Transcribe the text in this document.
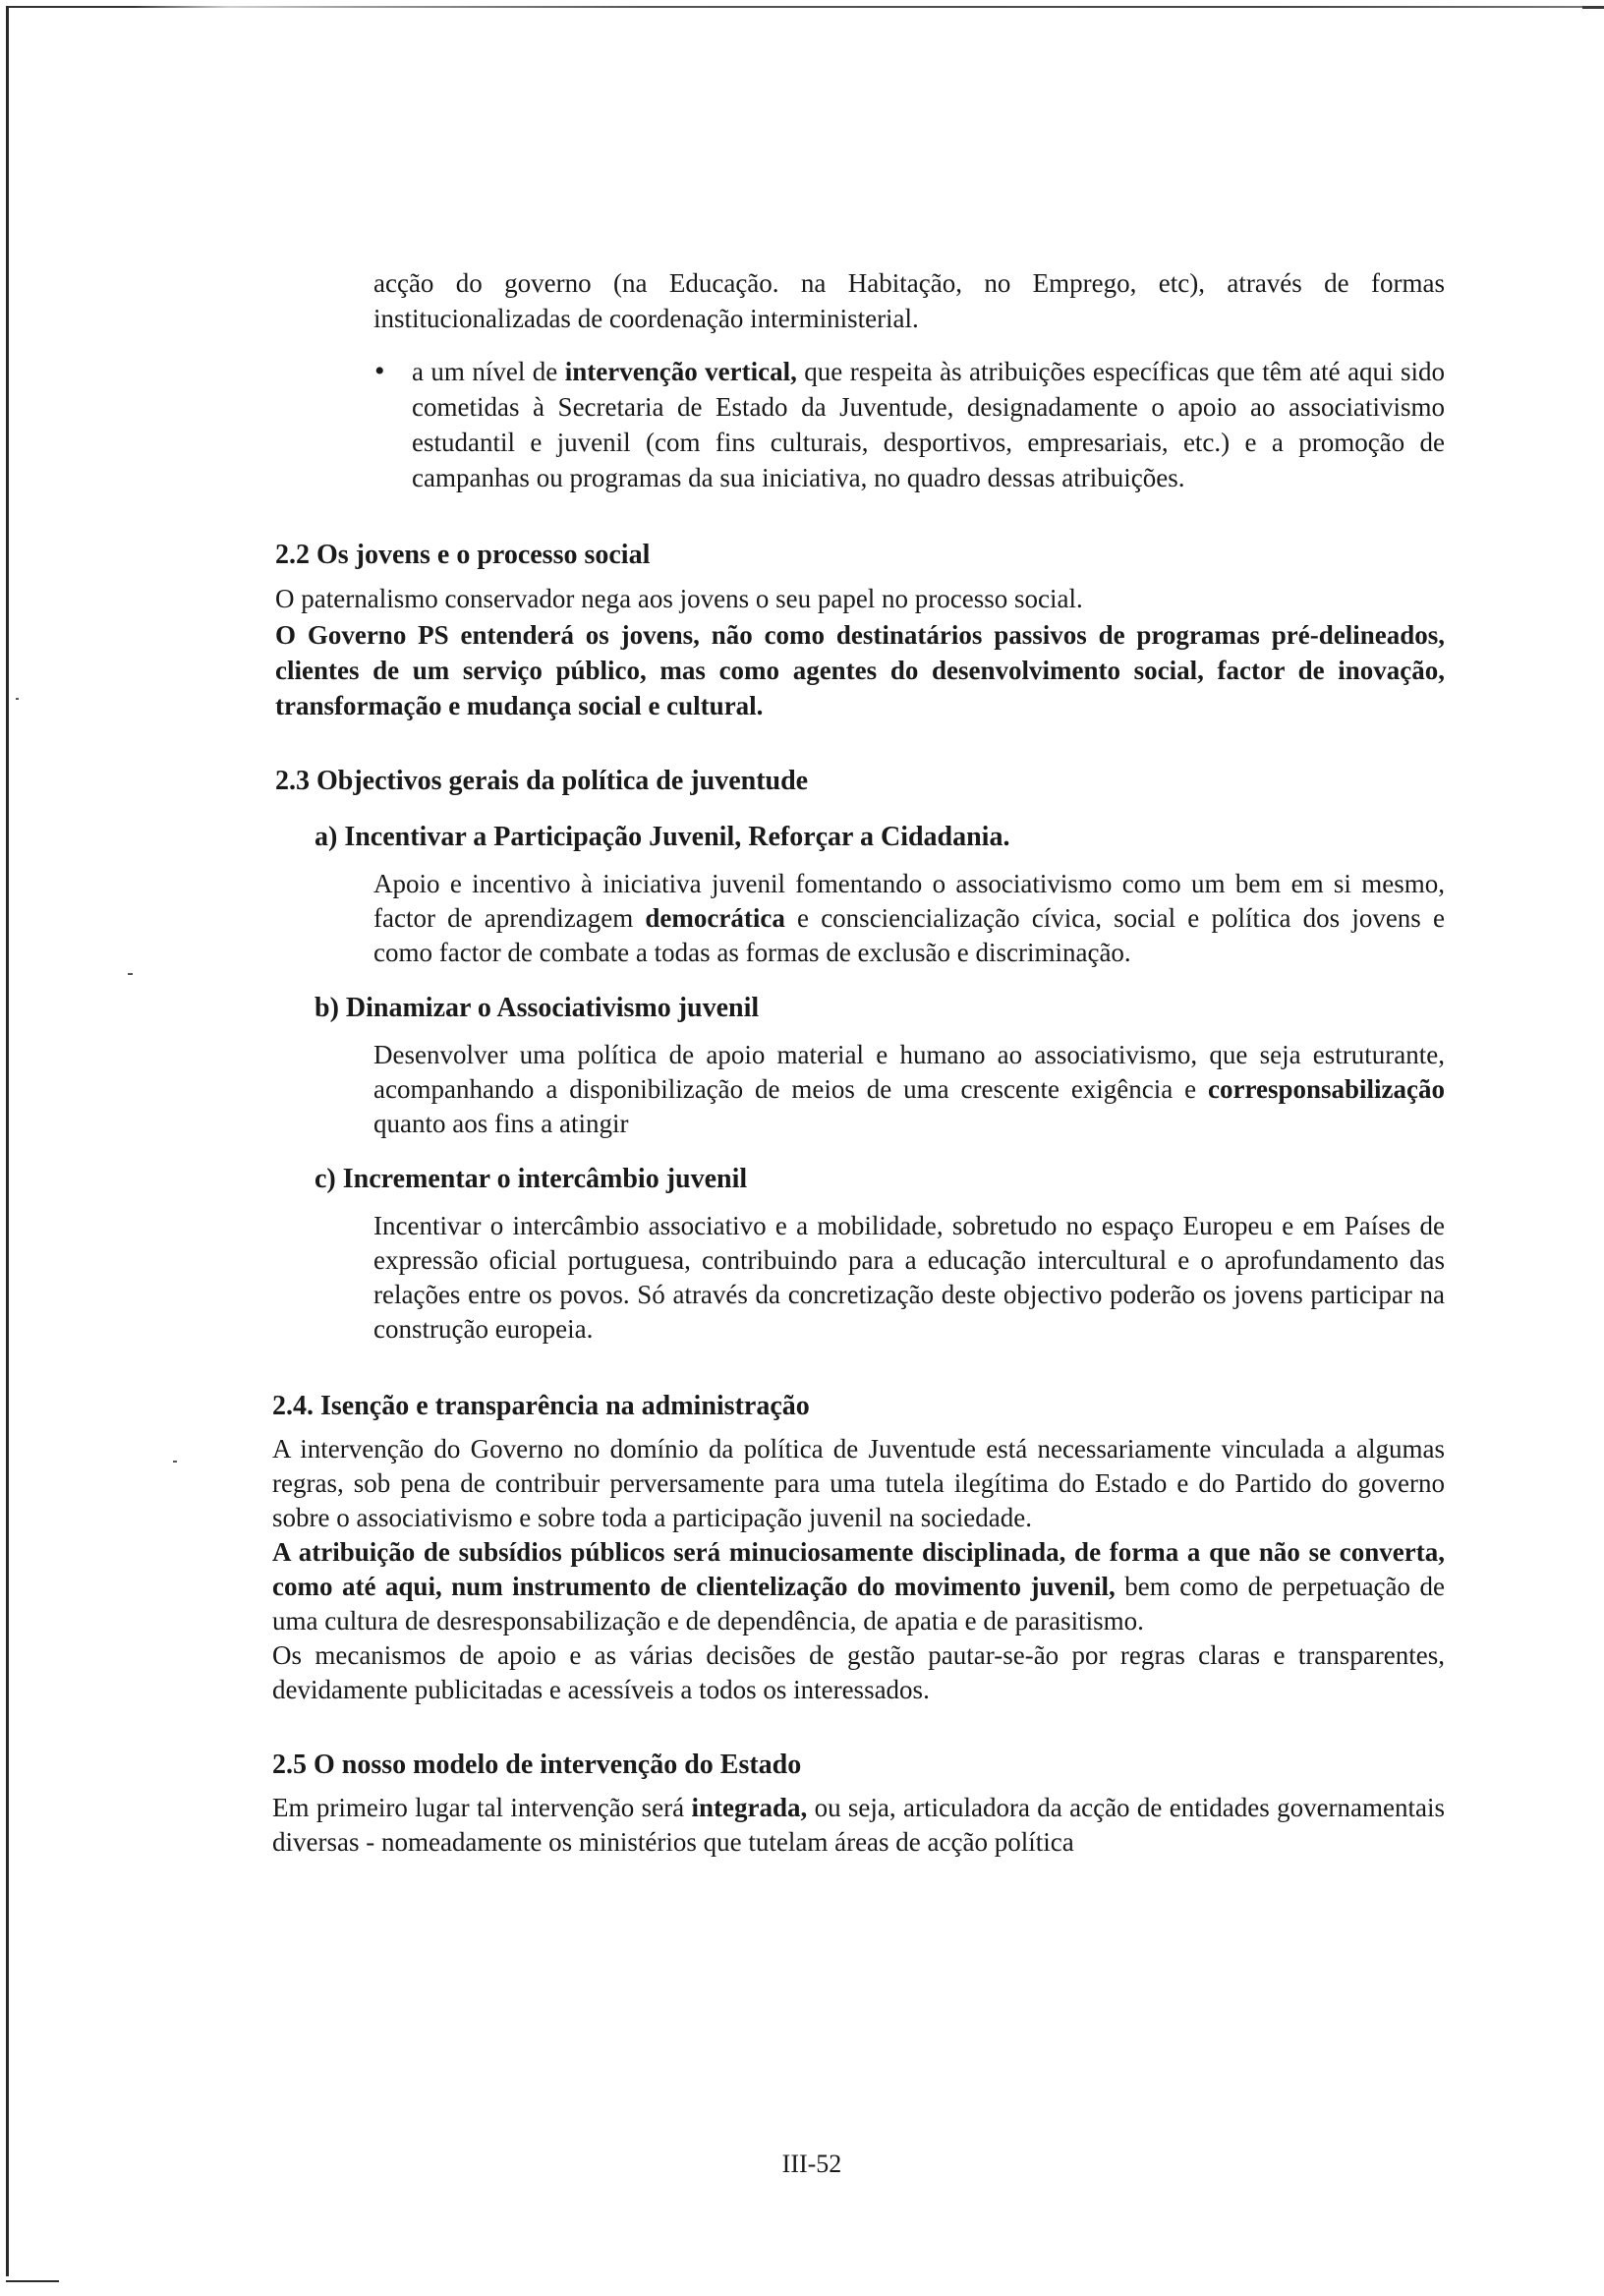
acção do governo (na Educação. na Habitação, no Emprego, etc), através de formas institucionalizadas de coordenação interministerial.

• a um nível de intervenção vertical, que respeita às atribuições específicas que têm até aqui sido cometidas à Secretaria de Estado da Juventude, designadamente o apoio ao associativismo estudantil e juvenil (com fins culturais, desportivos, empresariais, etc.) e a promoção de campanhas ou programas da sua iniciativa, no quadro dessas atribuições.

2.2 Os jovens e o processo social

O paternalismo conservador nega aos jovens o seu papel no processo social.

O Governo PS entenderá os jovens, não como destinatários passivos de programas pré-delineados, clientes de um serviço público, mas como agentes do desenvolvimento social, factor de inovação, transformação e mudança social e cultural.

2.3 Objectivos gerais da política de juventude
a) Incentivar a Participação Juvenil, Reforçar a Cidadania.

Apoio e incentivo à iniciativa juvenil fomentando o associativismo como um bem em si mesmo, factor de aprendizagem democrática e consciencialização cívica, social e política dos jovens e como factor de combate a todas as formas de exclusão e discriminação.

b) Dinamizar o Associativismo juvenil

Desenvolver uma política de apoio material e humano ao associativismo, que seja estruturante, acompanhando a disponibilização de meios de uma crescente exigência e corresponsabilização quanto aos fins a atingir

c) Incrementar o intercâmbio juvenil

Incentivar o intercâmbio associativo e a mobilidade, sobretudo no espaço Europeu e em Países de expressão oficial portuguesa, contribuindo para a educação intercultural e o aprofundamento das relações entre os povos. Só através da concretização deste objectivo poderão os jovens participar na construção europeia.

2.4. Isenção e transparência na administração

A intervenção do Governo no domínio da política de Juventude está necessariamente vinculada a algumas regras, sob pena de contribuir perversamente para uma tutela ilegítima do Estado e do Partido do governo sobre o associativismo e sobre toda a participação juvenil na sociedade.

A atribuição de subsídios públicos será minuciosamente disciplinada, de forma a que não se converta, como até aqui, num instrumento de clientelização do movimento juvenil, bem como de perpetuação de uma cultura de desresponsabilização e de dependência, de apatia e de parasitismo.

Os mecanismos de apoio e as várias decisões de gestão pautar-se-ão por regras claras e transparentes, devidamente publicitadas e acessíveis a todos os interessados.

2.5 O nosso modelo de intervenção do Estado

Em primeiro lugar tal intervenção será integrada, ou seja, articuladora da acção de entidades governamentais diversas - nomeadamente os ministérios que tutelam áreas de acção política

III-52
